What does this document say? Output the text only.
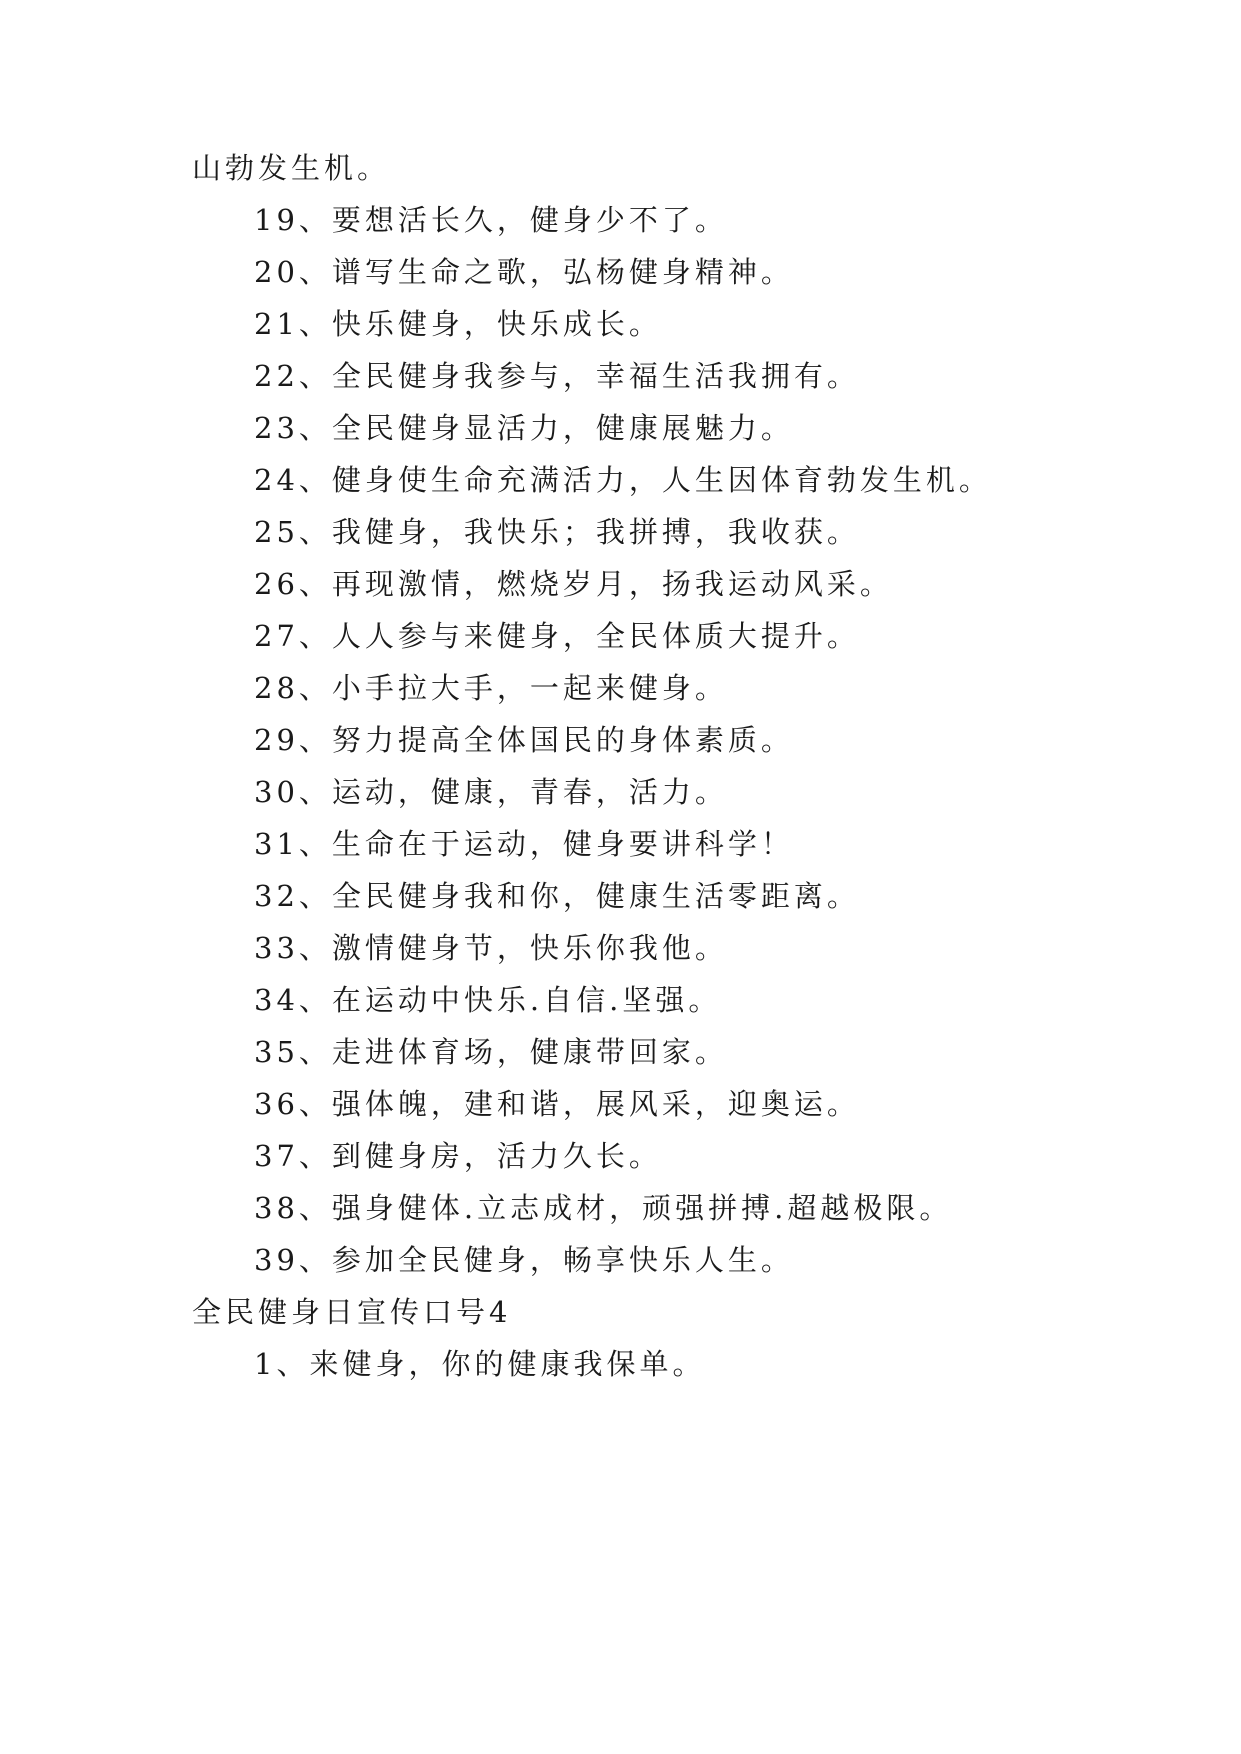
山勃发生机。
19、要想活长久，健身少不了。
20、谱写生命之歌，弘杨健身精神。
21、快乐健身，快乐成长。
22、全民健身我参与，幸福生活我拥有。
23、全民健身显活力，健康展魅力。
24、健身使生命充满活力，人生因体育勃发生机。
25、我健身，我快乐；我拼搏，我收获。
26、再现激情，燃烧岁月，扬我运动风采。
27、人人参与来健身，全民体质大提升。
28、小手拉大手，一起来健身。
29、努力提高全体国民的身体素质。
30、运动，健康，青春，活力。
31、生命在于运动，健身要讲科学！
32、全民健身我和你，健康生活零距离。
33、激情健身节，快乐你我他。
34、在运动中快乐.自信.坚强。
35、走进体育场，健康带回家。
36、强体魄，建和谐，展风采，迎奥运。
37、到健身房，活力久长。
38、强身健体.立志成材，顽强拼搏.超越极限。
39、参加全民健身，畅享快乐人生。
全民健身日宣传口号4
1、来健身，你的健康我保单。
